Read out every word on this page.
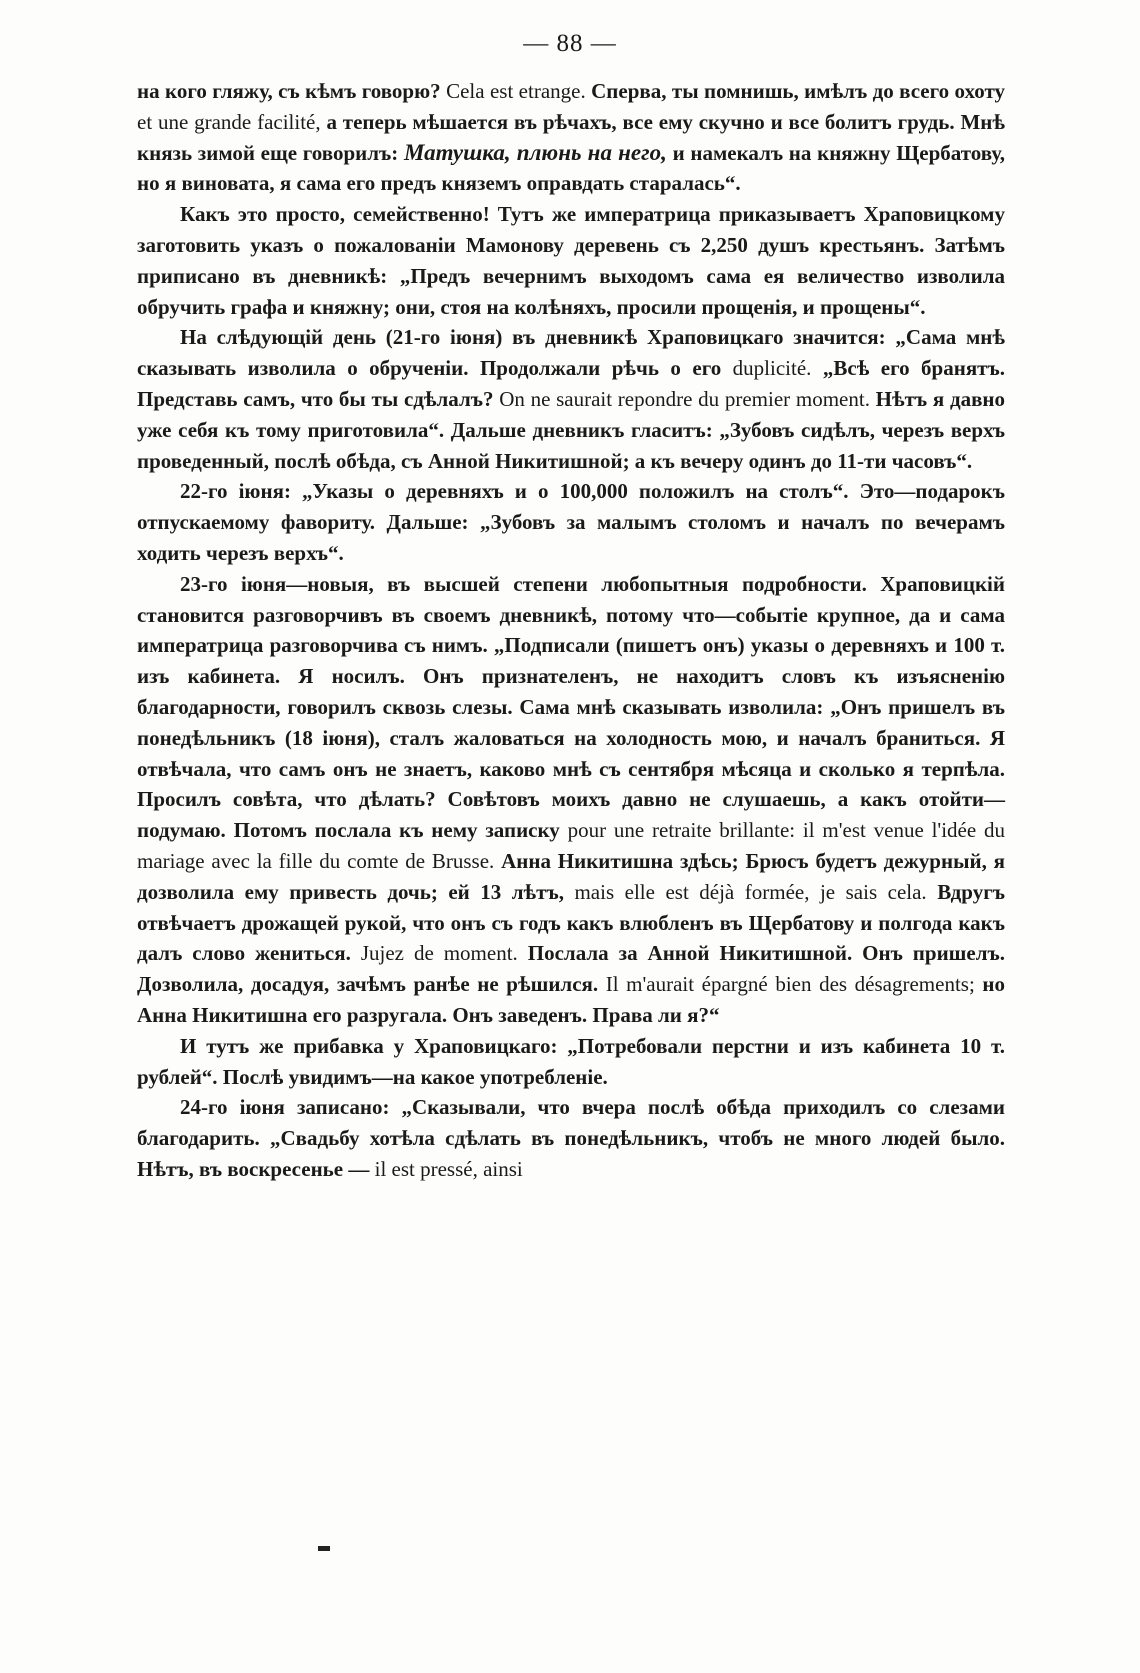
— 88 —

на кого гляжу, съ кѣмъ говорю? Cela est etrange. Сперва, ты помнишь, имѣлъ до всего охоту et une grande facilité, а теперь мѣшается въ рѣчахъ, все ему скучно и все болитъ грудь. Мнѣ князь зимой еще говорилъ: Матушка, плюнь на него, и намекалъ на княжну Щербатову, но я виновата, я сама его предъ княземъ оправдать старалась“.

Какъ это просто, семейственно! Тутъ же императрица приказываетъ Храповицкому заготовить указъ о пожалованіи Мамонову деревень съ 2,250 душъ крестьянъ. Затѣмъ приписано въ дневникѣ: „Предъ вечернимъ выходомъ сама ея величество изволила обручить графа и княжну; они, стоя на колѣняхъ, просили прощенія, и прощены“.

На слѣдующій день (21-го іюня) въ дневникѣ Храповицкаго значится: „Сама мнѣ сказывать изволила о обрученіи. Продолжали рѣчь о его duplicité. „Всѣ его бранятъ. Представь самъ, что бы ты сдѣлалъ? On ne saurait repondre du premier moment. Нѣтъ я давно уже себя къ тому приготовила“. Дальше дневникъ гласитъ: „Зубовъ сидѣлъ, черезъ верхъ проведенный, послѣ обѣда, съ Анной Никитишной; а къ вечеру одинъ до 11-ти часовъ“.

22-го іюня: „Указы о деревняхъ и о 100,000 положилъ на столъ“. Это—подарокъ отпускаемому фавориту. Дальше: „Зубовъ за малымъ столомъ и началъ по вечерамъ ходить черезъ верхъ“.

23-го іюня—новыя, въ высшей степени любопытныя подробности. Храповицкій становится разговорчивъ въ своемъ дневникѣ, потому что—событіе крупное, да и сама императрица разговорчива съ нимъ. „Подписали (пишетъ онъ) указы о деревняхъ и 100 т. изъ кабинета. Я носилъ. Онъ признателенъ, не находитъ словъ къ изъясненію благодарности, говорилъ сквозь слезы. Сама мнѣ сказывать изволила: „Онъ пришелъ въ понедѣльникъ (18 іюня), сталъ жаловаться на холодность мою, и началъ браниться. Я отвѣчала, что самъ онъ не знаетъ, каково мнѣ съ сентября мѣсяца и сколько я терпѣла. Просилъ совѣта, что дѣлать? Совѣтовъ моихъ давно не слушаешь, а какъ отойти—подумаю. Потомъ послала къ нему записку pour une retraite brillante: il m'est venue l'idée du mariage avec la fille du comte de Brusse. Анна Никитишна здѣсь; Брюсъ будетъ дежурный, я дозволила ему привесть дочь; ей 13 лѣтъ, mais elle est déjà formée, je sais cela. Вдругъ отвѣчаетъ дрожащей рукой, что онъ съ годъ какъ влюбленъ въ Щербатову и полгода какъ далъ слово жениться. Jujez de moment. Послала за Анной Никитишной. Онъ пришелъ. Дозволила, досадуя, зачѣмъ ранѣе не рѣшился. Il m'aurait épargné bien des désagrements; но Анна Никитишна его разругала. Онъ заведенъ. Права ли я?“

И тутъ же прибавка у Храповицкаго: „Потребовали перстни и изъ кабинета 10 т. рублей“. Послѣ увидимъ—на какое употребленіе.

24-го іюня записано: „Сказывали, что вчера послѣ обѣда приходилъ со слезами благодарить. „Свадьбу хотѣла сдѣлать въ понедѣльникъ, чтобъ не много людей было. Нѣтъ, въ воскресенье — il est pressé, ainsi
